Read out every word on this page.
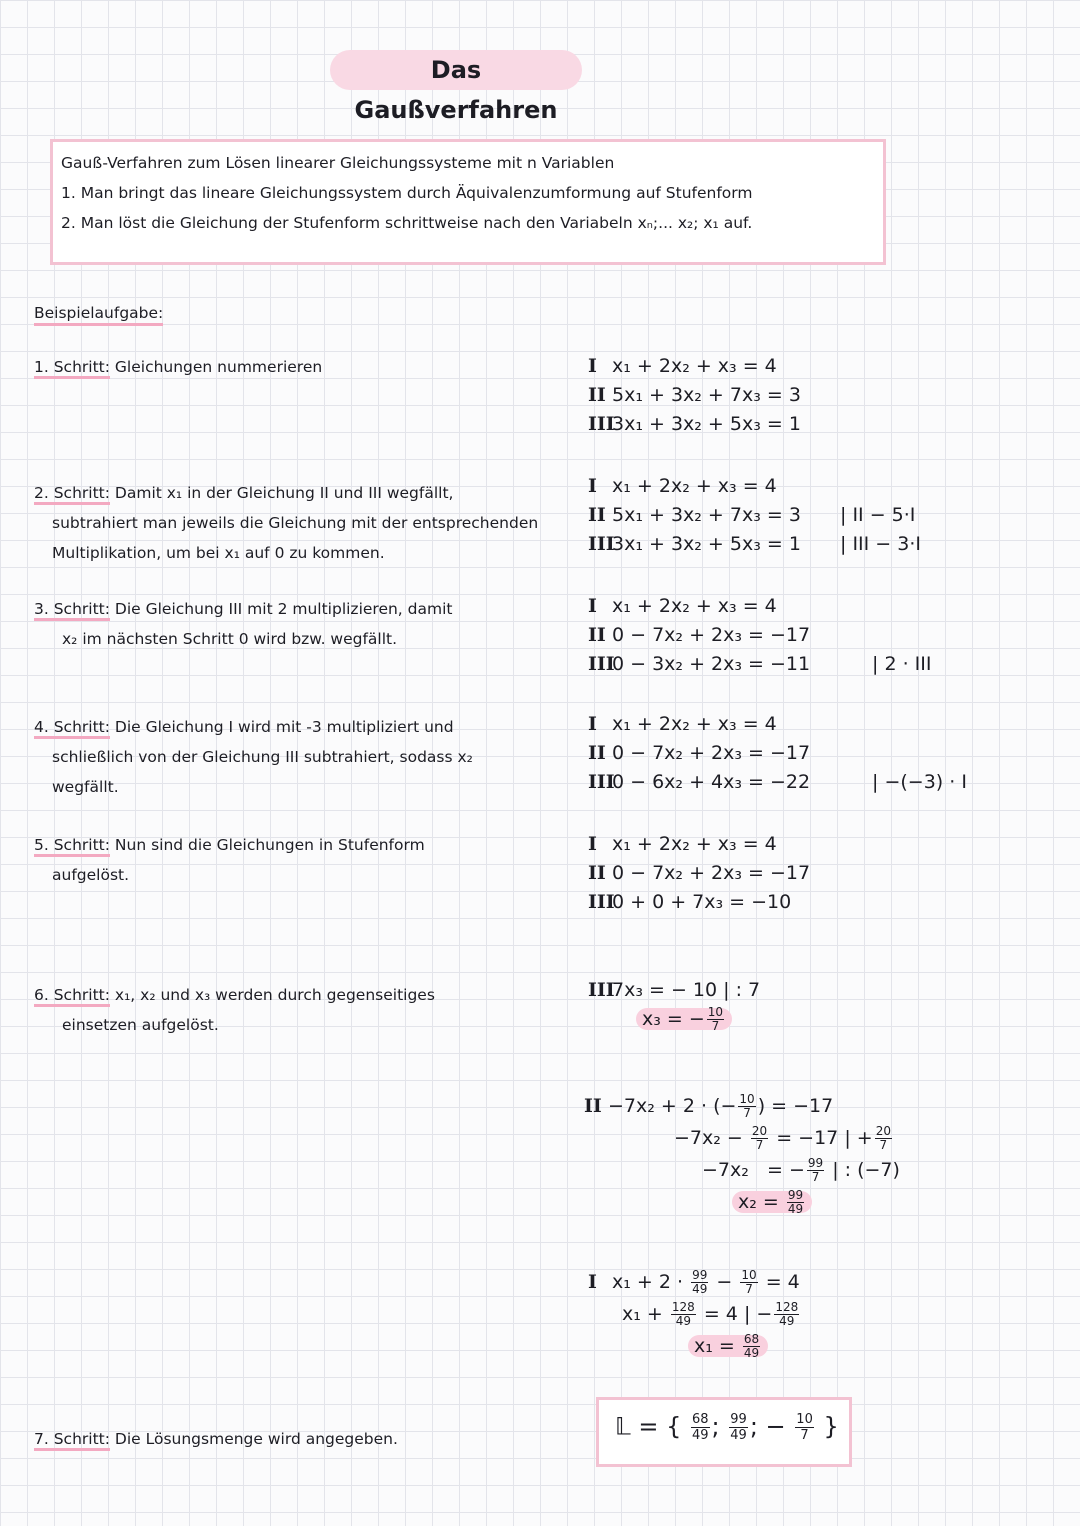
Das Gaußverfahren
Gauß-Verfahren zum Lösen linearer Gleichungssysteme mit n Variablen
1. Man bringt das lineare Gleichungssystem durch Äquivalenzumformung auf Stufenform
2. Man löst die Gleichung der Stufenform schrittweise nach den Variabeln xₙ;... x₂; x₁ auf.
Beispielaufgabe:
1. Schritt: Gleichungen nummerieren
2. Schritt: Damit x₁ in der Gleichung II und III wegfällt,
subtrahiert man jeweils die Gleichung mit der entsprechenden
Multiplikation, um bei x₁ auf 0 zu kommen.
3. Schritt: Die Gleichung III mit 2 multiplizieren, damit
x₂ im nächsten Schritt 0 wird bzw. wegfällt.
4. Schritt: Die Gleichung I wird mit -3 multipliziert und
schließlich von der Gleichung III subtrahiert, sodass x₂
wegfällt.
5. Schritt: Nun sind die Gleichungen in Stufenform
aufgelöst.
6. Schritt: x₁, x₂ und x₃ werden durch gegenseitiges
einsetzen aufgelöst.
7. Schritt: Die Lösungsmenge wird angegeben.
I x₁ + 2x₂ + x₃ = 4
II 5x₁ + 3x₂ + 7x₃ = 3
III3x₁ + 3x₂ + 5x₃ = 1
I x₁ + 2x₂ + x₃ = 4
II 5x₁ + 3x₂ + 7x₃ = 3
III3x₁ + 3x₂ + 5x₃ = 1
| II − 5·I
| III − 3·I
I x₁ + 2x₂ + x₃ = 4
II 0 − 7x₂ + 2x₃ = −17
III0 − 3x₂ + 2x₃ = −11	| 2 · III
I x₁ + 2x₂ + x₃ = 4
II 0 − 7x₂ + 2x₃ = −17
III0 − 6x₂ + 4x₃ = −22	| −(−3) · I
I x₁ + 2x₂ + x₃ = 4
II 0 − 7x₂ + 2x₃ = −17
III0 + 0 + 7x₃ = −10
III7x₃ = − 10 | : 7
x₃ = − $\frac{10}{7}$
II −7x₂ + 2 · (− $\frac{10}{7}$ ) = −17
$-7x_2 - \frac{20}{7} = -17$ | + $\frac{20}{7}$
−7x₂ = − $\frac{99}{7}$ | : (−7)
$x_2 = \frac{99}{49}$
I $x_1 + 2 \cdot \frac{99}{49} - \frac{10}{7} = 4$
$x_1 + \frac{128}{49} = 4$ | − $\frac{128}{49}$
$x_1 = \frac{68}{49}$
𝕃 = { $\frac{68}{49}$ ; $\frac{99}{49}$ ; − $\frac{10}{7}$ }
